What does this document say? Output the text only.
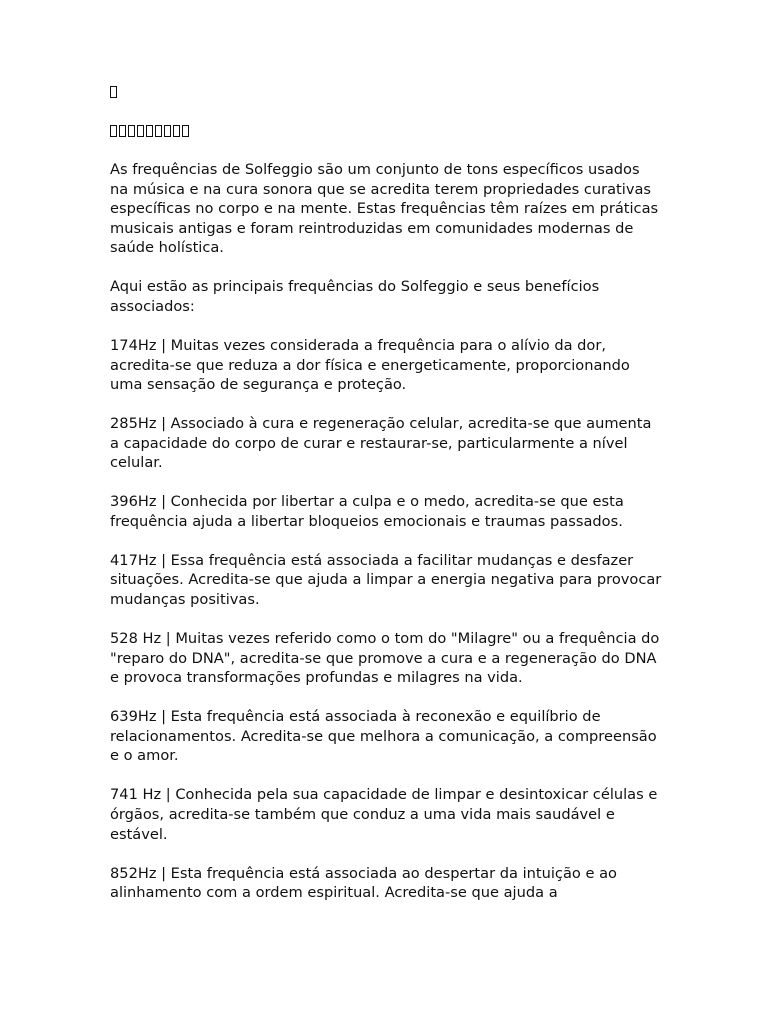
As frequências de Solfeggio são um conjunto de tons específicos usados na música e na cura sonora que se acredita terem propriedades curativas específicas no corpo e na mente. Estas frequências têm raízes em práticas musicais antigas e foram reintroduzidas em comunidades modernas de saúde holística.

Aqui estão as principais frequências do Solfeggio e seus benefícios associados:

174Hz | Muitas vezes considerada a frequência para o alívio da dor, acredita-se que reduza a dor física e energeticamente, proporcionando uma sensação de segurança e proteção.

285Hz | Associado à cura e regeneração celular, acredita-se que aumenta a capacidade do corpo de curar e restaurar-se, particularmente a nível celular.

396Hz | Conhecida por libertar a culpa e o medo, acredita-se que esta frequência ajuda a libertar bloqueios emocionais e traumas passados.

417Hz | Essa frequência está associada a facilitar mudanças e desfazer situações. Acredita-se que ajuda a limpar a energia negativa para provocar mudanças positivas.

528 Hz | Muitas vezes referido como o tom do "Milagre" ou a frequência do "reparo do DNA", acredita-se que promove a cura e a regeneração do DNA e provoca transformações profundas e milagres na vida.

639Hz | Esta frequência está associada à reconexão e equilíbrio de relacionamentos. Acredita-se que melhora a comunicação, a compreensão e o amor.

741 Hz | Conhecida pela sua capacidade de limpar e desintoxicar células e órgãos, acredita-se também que conduz a uma vida mais saudável e estável.

852Hz | Esta frequência está associada ao despertar da intuição e ao alinhamento com a ordem espiritual. Acredita-se que ajuda a
